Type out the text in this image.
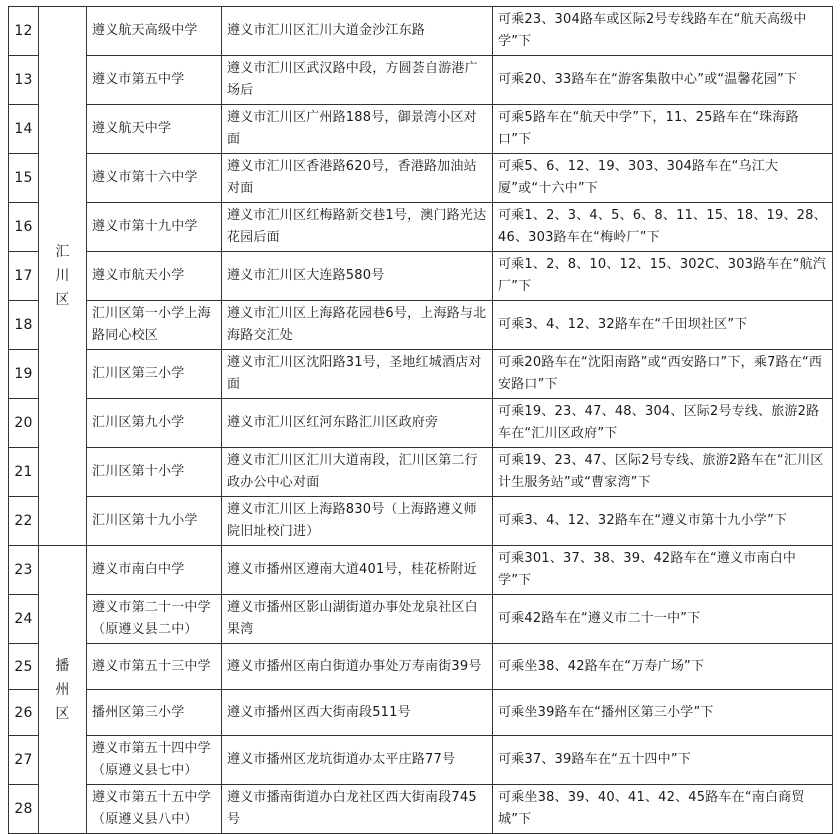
12	汇川区	遵义航天高级中学	遵义市汇川区汇川大道金沙江东路	可乘23、304路车或区际2号专线路车在“航天高级中学”下

13		遵义市第五中学	遵义市汇川区武汉路中段，方圆荟自游港广场后	可乘20、33路车在“游客集散中心”或“温馨花园”下

14		遵义航天中学	遵义市汇川区广州路188号，御景湾小区对面	可乘5路车在“航天中学”下，11、25路车在“珠海路口”下

15		遵义市第十六中学	遵义市汇川区香港路620号，香港路加油站对面	可乘5、6、12、19、303、304路车在“乌江大厦”或“十六中”下

16		遵义市第十九中学	遵义市汇川区红梅路新交巷1号，澳门路光达花园后面	可乘1、2、3、4、5、6、8、11、15、18、19、28、46、303路车在“梅岭厂”下

17		遵义市航天小学	遵义市汇川区大连路580号	可乘1、2、8、10、12、15、302C、303路车在“航汽厂”下

18		汇川区第一小学上海路同心校区	遵义市汇川区上海路花园巷6号，上海路与北海路交汇处	可乘3、4、12、32路车在“千田坝社区”下

19		汇川区第三小学	遵义市汇川区沈阳路31号，圣地红城酒店对面	可乘20路车在“沈阳南路”或“西安路口”下，乘7路在“西安路口”下

20		汇川区第九小学	遵义市汇川区红河东路汇川区政府旁	可乘19、23、47、48、304、区际2号专线、旅游2路车在“汇川区政府”下

21		汇川区第十小学	遵义市汇川区汇川大道南段，汇川区第二行政办公中心对面	可乘19、23、47、区际2号专线、旅游2路车在“汇川区计生服务站”或“曹家湾”下

22		汇川区第十九小学	遵义市汇川区上海路830号（上海路遵义师院旧址校门进）	可乘3、4、12、32路车在“遵义市第十九小学”下

23	播州区	遵义市南白中学	遵义市播州区遵南大道401号，桂花桥附近	可乘301、37、38、39、42路车在“遵义市南白中学”下

24		遵义市第二十一中学（原遵义县二中）	遵义市播州区影山湖街道办事处龙泉社区白果湾	可乘42路车在“遵义市二十一中”下

25		遵义市第五十三中学	遵义市播州区南白街道办事处万寿南街39号	可乘坐38、42路车在“万寿广场”下

26		播州区第三小学	遵义市播州区西大街南段511号	可乘坐39路车在“播州区第三小学”下

27		遵义市第五十四中学（原遵义县七中）	遵义市播州区龙坑街道办太平庄路77号	可乘37、39路车在“五十四中”下

28		遵义市第五十五中学（原遵义县八中）	遵义市播南街道办白龙社区西大街南段745号	可乘坐38、39、40、41、42、45路车在“南白商贸城”下
